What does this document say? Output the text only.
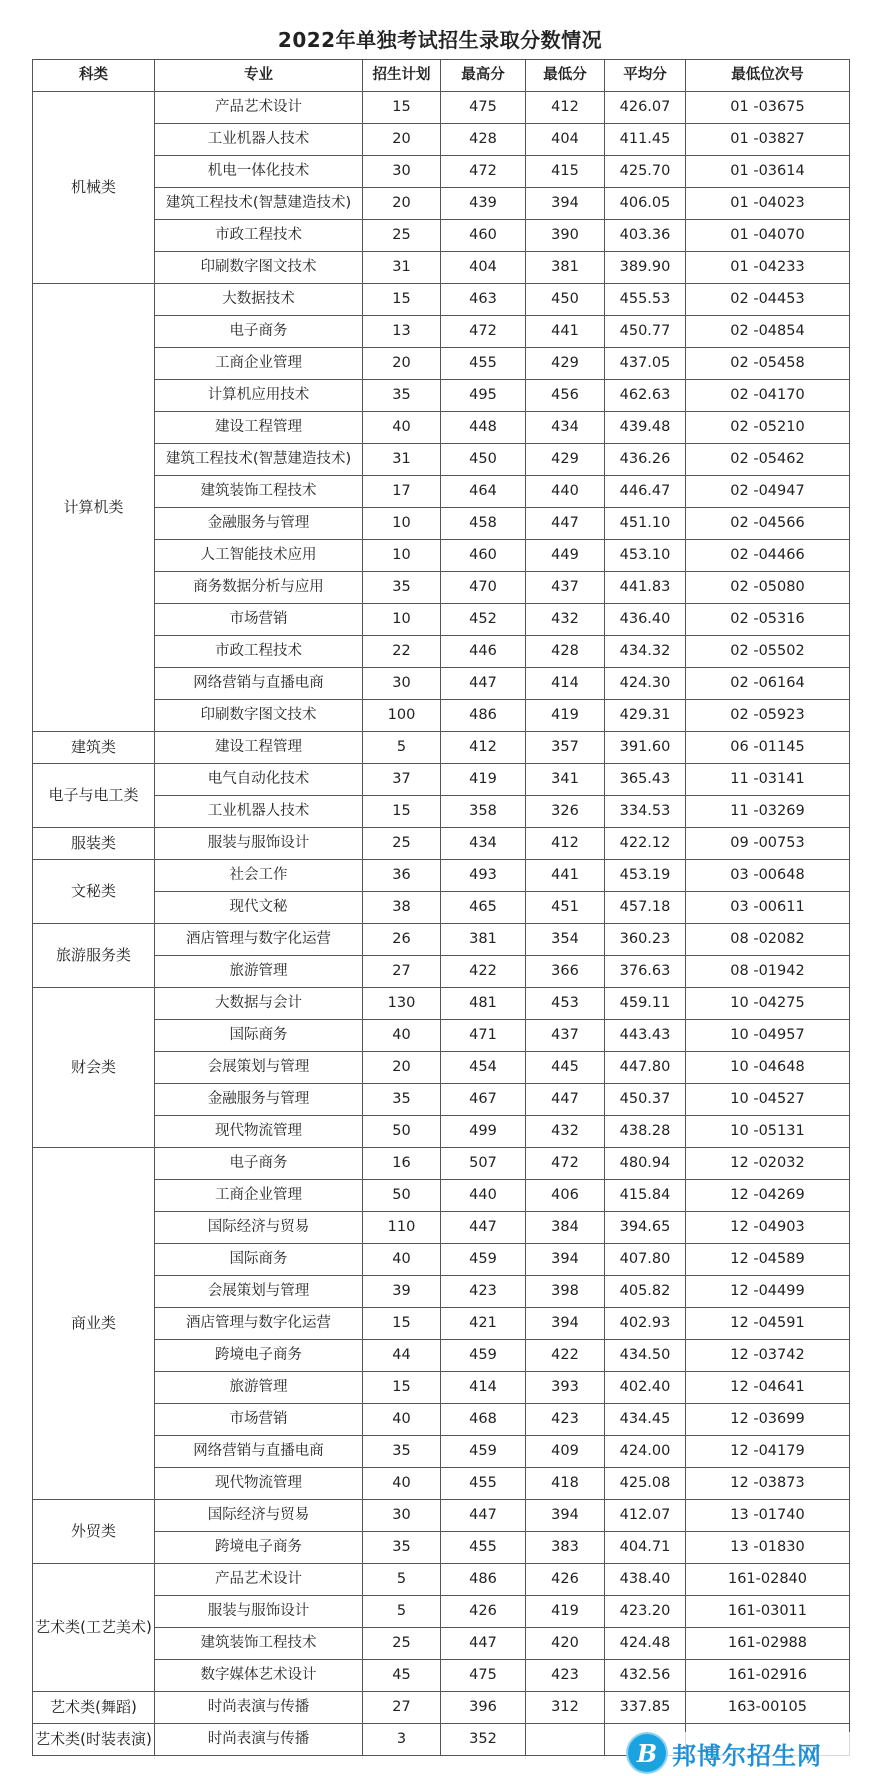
2022年单独考试招生录取分数情况
科类	专业	招生计划	最高分	最低分	平均分	最低位次号
机械类	产品艺术设计	15	475	412	426.07	01 -03675
	工业机器人技术	20	428	404	411.45	01 -03827
	机电一体化技术	30	472	415	425.70	01 -03614
	建筑工程技术(智慧建造技术)	20	439	394	406.05	01 -04023
	市政工程技术	25	460	390	403.36	01 -04070
	印刷数字图文技术	31	404	381	389.90	01 -04233
计算机类	大数据技术	15	463	450	455.53	02 -04453
	电子商务	13	472	441	450.77	02 -04854
	工商企业管理	20	455	429	437.05	02 -05458
	计算机应用技术	35	495	456	462.63	02 -04170
	建设工程管理	40	448	434	439.48	02 -05210
	建筑工程技术(智慧建造技术)	31	450	429	436.26	02 -05462
	建筑装饰工程技术	17	464	440	446.47	02 -04947
	金融服务与管理	10	458	447	451.10	02 -04566
	人工智能技术应用	10	460	449	453.10	02 -04466
	商务数据分析与应用	35	470	437	441.83	02 -05080
	市场营销	10	452	432	436.40	02 -05316
	市政工程技术	22	446	428	434.32	02 -05502
	网络营销与直播电商	30	447	414	424.30	02 -06164
	印刷数字图文技术	100	486	419	429.31	02 -05923
建筑类	建设工程管理	5	412	357	391.60	06 -01145
电子与电工类	电气自动化技术	37	419	341	365.43	11 -03141
	工业机器人技术	15	358	326	334.53	11 -03269
服装类	服装与服饰设计	25	434	412	422.12	09 -00753
文秘类	社会工作	36	493	441	453.19	03 -00648
	现代文秘	38	465	451	457.18	03 -00611
旅游服务类	酒店管理与数字化运营	26	381	354	360.23	08 -02082
	旅游管理	27	422	366	376.63	08 -01942
财会类	大数据与会计	130	481	453	459.11	10 -04275
	国际商务	40	471	437	443.43	10 -04957
	会展策划与管理	20	454	445	447.80	10 -04648
	金融服务与管理	35	467	447	450.37	10 -04527
	现代物流管理	50	499	432	438.28	10 -05131
商业类	电子商务	16	507	472	480.94	12 -02032
	工商企业管理	50	440	406	415.84	12 -04269
	国际经济与贸易	110	447	384	394.65	12 -04903
	国际商务	40	459	394	407.80	12 -04589
	会展策划与管理	39	423	398	405.82	12 -04499
	酒店管理与数字化运营	15	421	394	402.93	12 -04591
	跨境电子商务	44	459	422	434.50	12 -03742
	旅游管理	15	414	393	402.40	12 -04641
	市场营销	40	468	423	434.45	12 -03699
	网络营销与直播电商	35	459	409	424.00	12 -04179
	现代物流管理	40	455	418	425.08	12 -03873
外贸类	国际经济与贸易	30	447	394	412.07	13 -01740
	跨境电子商务	35	455	383	404.71	13 -01830
艺术类(工艺美术)	产品艺术设计	5	486	426	438.40	161-02840
	服装与服饰设计	5	426	419	423.20	161-03011
	建筑装饰工程技术	25	447	420	424.48	161-02988
	数字媒体艺术设计	45	475	423	432.56	161-02916
艺术类(舞蹈)	时尚表演与传播	27	396	312	337.85	163-00105
艺术类(时装表演)	时尚表演与传播	3	352				B 邦博尔招生网
